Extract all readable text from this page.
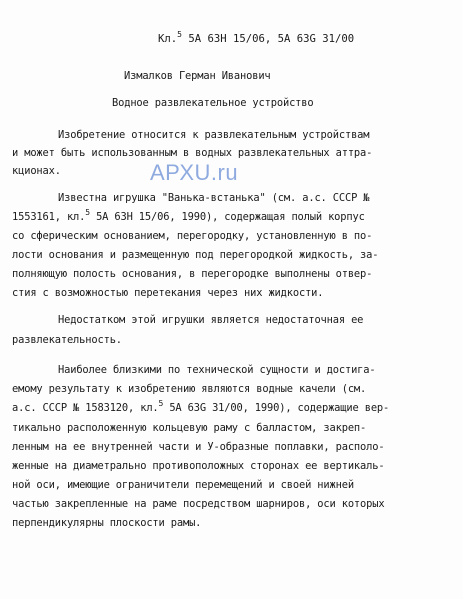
Кл.$^5$ 5А 63Н 15/06, 5А 63G 31/00
Измалков Герман Иванович
Водное развлекательное устройство
Изобретение относится к развлекательным устройствам
и может быть использованным в водных развлекательных аттра-
кционах.	АРХU.ru
Известна игрушка "Ванька-встанька" (см. а.с. СССР №
1553161, кл.$^5$ 5А 63Н 15/06, 1990), содержащая полый корпус
со сферическим основанием, перегородку, установленную в по-
лости основания и размещенную под перегородкой жидкость, за-
полняющую полость основания, в перегородке выполнены отвер-
стия с возможностью перетекания через них жидкости.
Недостатком этой игрушки является недостаточная ее
развлекательность.
Наиболее близкими по технической сущности и достига-
емому результату к изобретению являются водные качели (см.
а.с. СССР № 1583120, кл.$^5$ 5А 63G 31/00, 1990), содержащие вер-
тикально расположенную кольцевую раму с балластом, закреп-
ленным на ее внутренней части и У-образные поплавки, располо-
женные на диаметрально противоположных сторонах ее вертикаль-
ной оси, имеющие ограничители перемещений и своей нижней
частью закрепленные на раме посредством шарниров, оси которых
перпендикулярны плоскости рамы.
